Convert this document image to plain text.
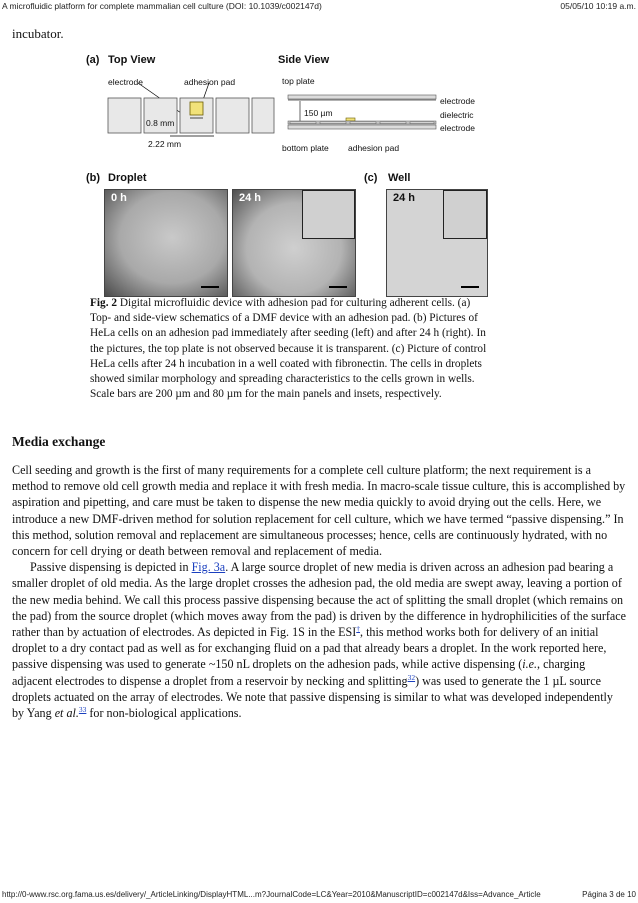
A microfluidic platform for complete mammalian cell culture (DOI: 10.1039/c002147d)	05/05/10 10:19 a.m.
incubator.
(a) Top View	Side View
electrode	adhesion pad
0.8 mm
2.22 mm
top plate
150 µm
electrode
dielectric
electrode
bottom plate adhesion pad
(b) Droplet	(c) Well
0 h	24 h	24 h
Fig. 2 Digital microfluidic device with adhesion pad for culturing adherent cells. (a) Top- and side-view schematics of a DMF device with an adhesion pad. (b) Pictures of HeLa cells on an adhesion pad immediately after seeding (left) and after 24 h (right). In the pictures, the top plate is not observed because it is transparent. (c) Picture of control HeLa cells after 24 h incubation in a well coated with fibronectin. The cells in droplets showed similar morphology and spreading characteristics to the cells grown in wells. Scale bars are 200 µm and 80 µm for the main panels and insets, respectively.
Media exchange

Cell seeding and growth is the first of many requirements for a complete cell culture platform; the next requirement is a method to remove old cell growth media and replace it with fresh media. In macro-scale tissue culture, this is accomplished by aspiration and pipetting, and care must be taken to dispense the new media quickly to avoid drying out the cells. Here, we introduce a new DMF-driven method for solution replacement for cell culture, which we have termed “passive dispensing.” In this method, solution removal and replacement are simultaneous processes; hence, cells are continuously hydrated, with no concern for cell drying or death between removal and replacement of media.

Passive dispensing is depicted in Fig. 3a. A large source droplet of new media is driven across an adhesion pad bearing a smaller droplet of old media. As the large droplet crosses the adhesion pad, the old media are swept away, leaving a portion of the new media behind. We call this process passive dispensing because the act of splitting the small droplet (which remains on the pad) from the source droplet (which moves away from the pad) is driven by the difference in hydrophilicities of the surface rather than by actuation of electrodes. As depicted in Fig. 1S in the ESI†, this method works both for delivery of an initial droplet to a dry contact pad as well as for exchanging fluid on a pad that already bears a droplet. In the work reported here, passive dispensing was used to generate ~150 nL droplets on the adhesion pads, while active dispensing (i.e., charging adjacent electrodes to dispense a droplet from a reservoir by necking and splitting$^{32}$) was used to generate the 1 µL source droplets actuated on the array of electrodes. We note that passive dispensing is similar to what was developed independently by Yang et al.$^{33}$ for non-biological applications.

http://0-www.rsc.org.fama.us.es/delivery/_ArticleLinking/DisplayHTML...m?JournalCode=LC&Year=2010&ManuscriptID=c002147d&Iss=Advance_Article	Página 3 de 10
